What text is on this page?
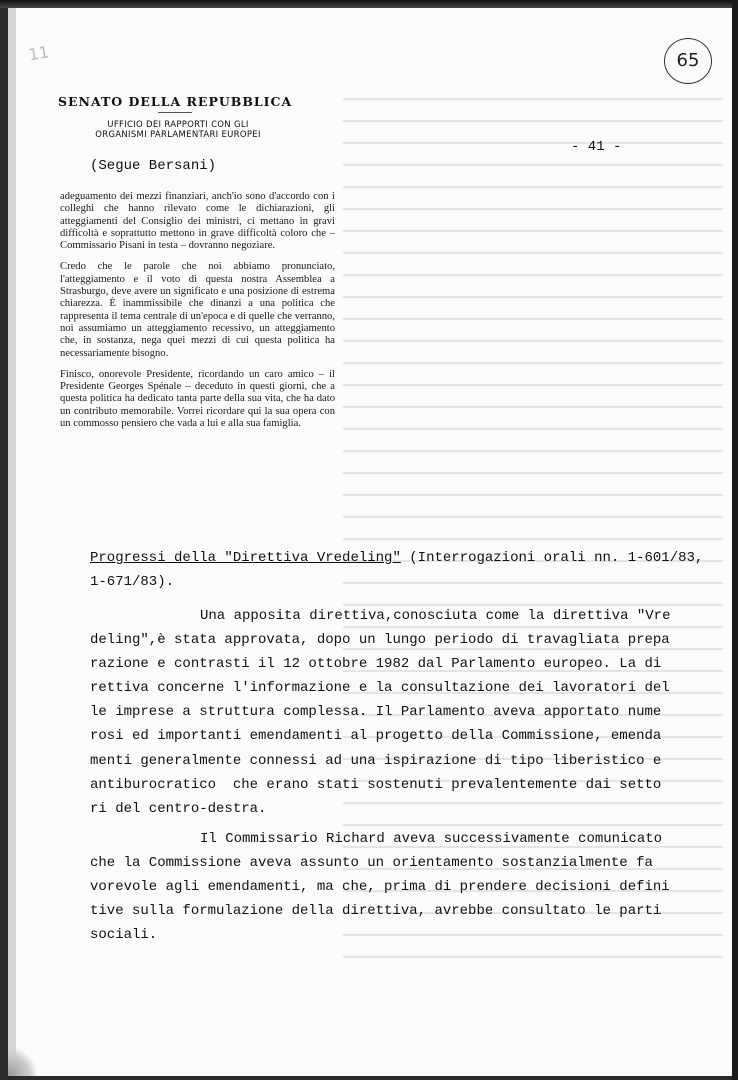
11	65
SENATO DELLA REPUBBLICA
UFFICIO DEI RAPPORTI CON GLI
ORGANISMI PARLAMENTARI EUROPEI
- 41 -
(Segue Bersani)

adeguamento dei mezzi finanziari, anch'io sono d'accordo con i colleghi che hanno rilevato come le dichiarazioni, gli atteggiamenti del Consiglio dei ministri, ci mettano in gravi difficoltà e soprattutto mettono in grave difficoltà coloro che – Commissario Pisani in testa – dovranno negoziare.

Credo che le parole che noi abbiamo pronunciato, l'atteggiamento e il voto di questa nostra Assemblea a Strasburgo, deve avere un significato e una posizione di estrema chiarezza. È inammissibile che dinanzi a una politica che rappresenta il tema centrale di un'epoca e di quelle che verranno, noi assumiamo un atteggiamento recessivo, un atteggiamento che, in sostanza, nega quei mezzi di cui questa politica ha necessariamente bisogno.

Finisco, onorevole Presidente, ricordando un caro amico – il Presidente Georges Spénale – deceduto in questi giorni, che a questa politica ha dedicato tanta parte della sua vita, che ha dato un contributo memorabile. Vorrei ricordare qui la sua opera con un commosso pensiero che vada a lui e alla sua famiglia.

Progressi della "Direttiva Vredeling" (Interrogazioni orali nn. 1-601/83,
1-671/83).
Una apposita direttiva,conosciuta come la direttiva "Vre
deling",è stata approvata, dopo un lungo periodo di travagliata prepa
razione e contrasti il 12 ottobre 1982 dal Parlamento europeo. La di
rettiva concerne l'informazione e la consultazione dei lavoratori del
le imprese a struttura complessa. Il Parlamento aveva apportato nume
rosi ed importanti emendamenti al progetto della Commissione, emenda
menti generalmente connessi ad una ispirazione di tipo liberistico e
antiburocratico  che erano stati sostenuti prevalentemente dai setto
ri del centro-destra.
Il Commissario Richard aveva successivamente comunicato
che la Commissione aveva assunto un orientamento sostanzialmente fa
vorevole agli emendamenti, ma che, prima di prendere decisioni defini
tive sulla formulazione della direttiva, avrebbe consultato le parti
sociali.
